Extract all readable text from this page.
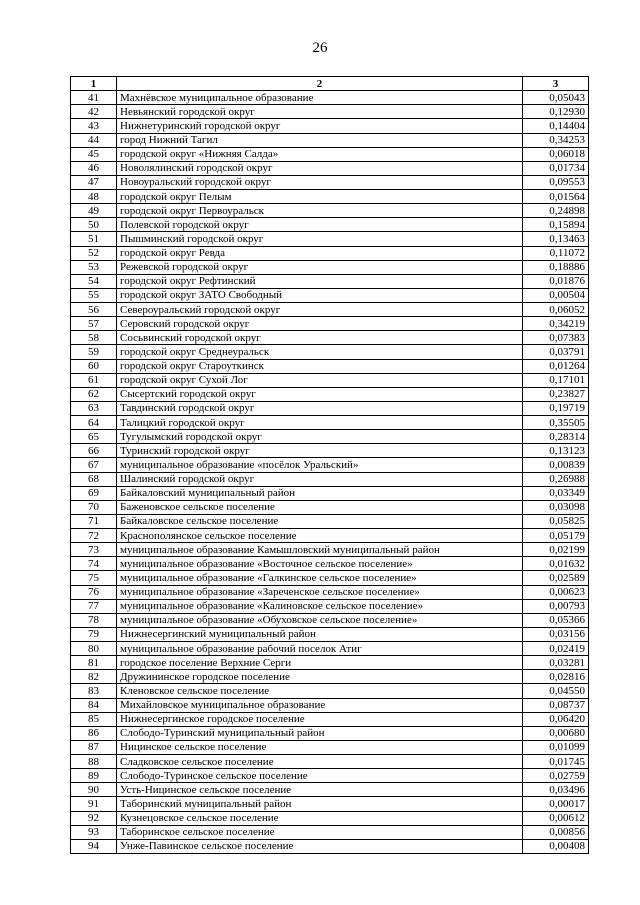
26
1	2	3
41	Махнёвское муниципальное образование	0,05043
42	Невьянский городской округ	0,12930
43	Нижнетуринский городской округ	0,14404
44	город Нижний Тагил	0,34253
45	городской округ «Нижняя Салда»	0,06018
46	Новолялинский городской округ	0,01734
47	Новоуральский городской округ	0,09553
48	городской округ Пелым	0,01564
49	городской округ Первоуральск	0,24898
50	Полевской городской округ	0,15894
51	Пышминский городской округ	0,13463
52	городской округ Ревда	0,11072
53	Режевской городской округ	0,18886
54	городской округ Рефтинский	0,01876
55	городской округ ЗАТО Свободный	0,00504
56	Североуральский городской округ	0,06052
57	Серовский городской округ	0,34219
58	Сосьвинский городской округ	0,07383
59	городской округ Среднеуральск	0,03791
60	городской округ Староуткинск	0,01264
61	городской округ Сухой Лог	0,17101
62	Сысертский городской округ	0,23827
63	Тавдинский городской округ	0,19719
64	Талицкий городской округ	0,35505
65	Тугулымский городской округ	0,28314
66	Туринский городской округ	0,13123
67	муниципальное образование «посёлок Уральский»	0,00839
68	Шалинский городской округ	0,26988
69	Байкаловский муниципальный район	0,03349
70	Баженовское сельское поселение	0,03098
71	Байкаловское сельское поселение	0,05825
72	Краснополянское сельское поселение	0,05179
73	муниципальное образование Камышловский муниципальный район	0,02199
74	муниципальное образование «Восточное сельское поселение»	0,01632
75	муниципальное образование «Галкинское сельское поселение»	0,02589
76	муниципальное образование «Зареченское сельское поселение»	0,00623
77	муниципальное образование «Калиновское сельское поселение»	0,00793
78	муниципальное образование «Обуховское сельское поселение»	0,05366
79	Нижнесергинский муниципальный район	0,03156
80	муниципальное образование рабочий поселок Атиг	0,02419
81	городское поселение Верхние Серги	0,03281
82	Дружининское городское поселение	0,02816
83	Кленовское сельское поселение	0,04550
84	Михайловское муниципальное образование	0,08737
85	Нижнесергинское городское поселение	0,06420
86	Слободо-Туринский муниципальный район	0,00680
87	Ницинское сельское поселение	0,01099
88	Сладковское сельское поселение	0,01745
89	Слободо-Туринское сельское поселение	0,02759
90	Усть-Ницинское сельское поселение	0,03496
91	Таборинский муниципальный район	0,00017
92	Кузнецовское сельское поселение	0,00612
93	Таборинское сельское поселение	0,00856
94	Унже-Павинское сельское поселение	0,00408
